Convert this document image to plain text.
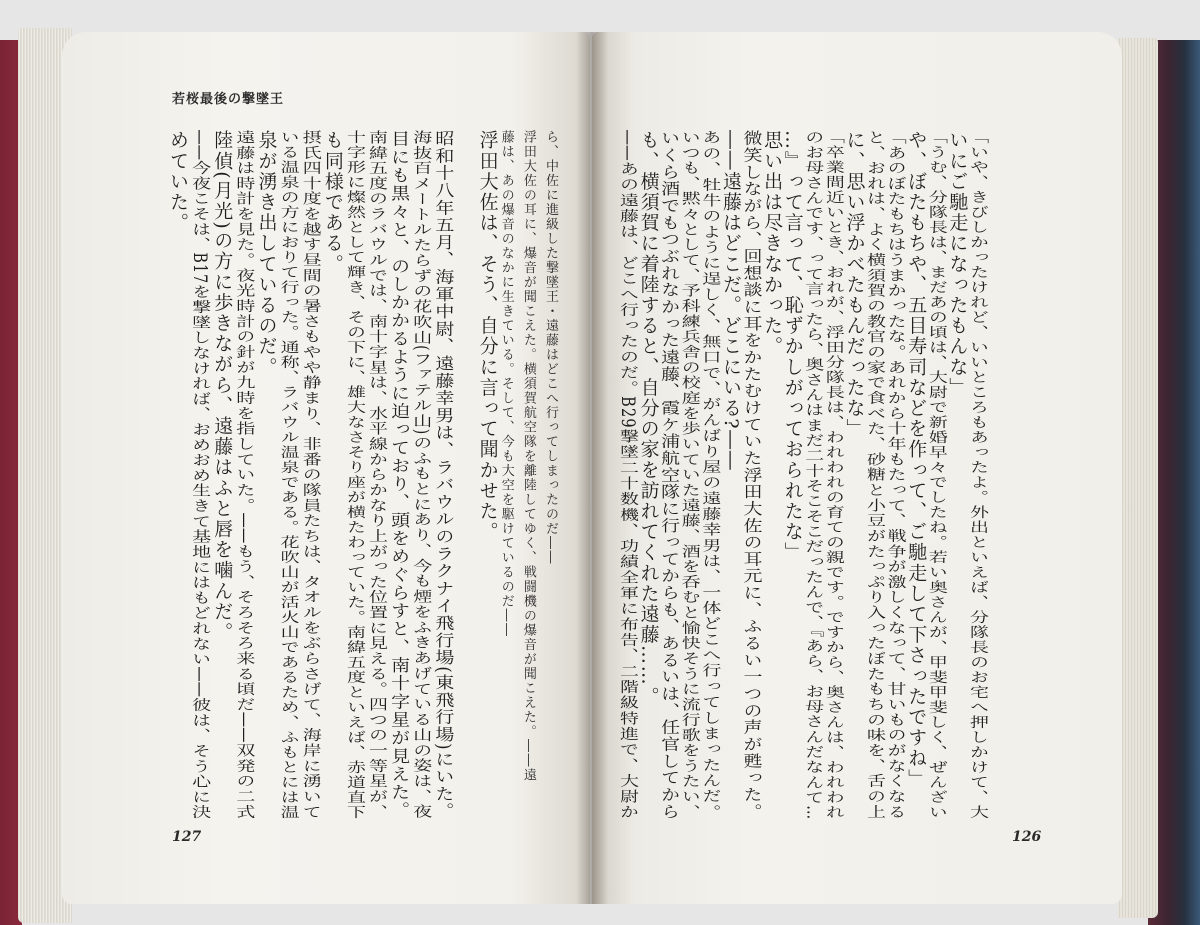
若桜最後の撃墜王
127	126
「いや、きびしかったけれど、いいところもあったよ。外出といえば、分隊長のお宅へ押しかけて、大
いにご馳走になったもんな」
「うむ、分隊長は、まだあの頃は、大尉で新婚早々でしたね。若い奥さんが、甲斐甲斐しく、ぜんざい
や、ぼたもちや、五目寿司などを作って、ご馳走して下さったですね」
「あのぼたもちはうまかったな。あれから十年もたって、戦争が激しくなって、甘いものがなくなる
と、おれは、よく横須賀の教官の家で食べた、砂糖と小豆がたっぷり入ったぼたもちの味を、舌の上
に、思い浮かべたもんだったな」
「卒業間近いとき、おれが、浮田分隊長は、われわれの育ての親です。ですから、奥さんは、われわれ
のお母さんです、って言ったら、奥さんはまだ二十そこそこだったんで、『あら、お母さんだなんて…
…』って言って、恥ずかしがっておられたな」
思い出は尽きなかった。
微笑しながら、回想談に耳をかたむけていた浮田大佐の耳元に、ふるい一つの声が甦った。
――遠藤はどこだ。どこにいる?――
あの、牡牛のように逞しく、無口で、がんばり屋の遠藤幸男は、一体どこへ行ってしまったんだ。
いつも、黙々として、予科練兵舎の校庭を歩いていた遠藤、酒を呑むと愉快そうに流行歌をうたい、
いくら酒でもつぶれなかった遠藤、霞ケ浦航空隊に行ってからも、あるいは、任官してから
も、横須賀に着陸すると、自分の家を訪れてくれた遠藤……。
――あの遠藤は、どこへ行ったのだ。B29撃墜二十数機、功績全軍に布告、二階級特進で、大尉か
ら、中佐に進級した撃墜王・遠藤はどこへ行ってしまったのだ――
浮田大佐の耳に、爆音が聞こえた。横須賀航空隊を離陸してゆく、戦闘機の爆音が聞こえた。――遠
藤は、あの爆音のなかに生きている。そして、今も大空を駆けているのだ――
浮田大佐は、そう、自分に言って聞かせた。
昭和十八年五月、海軍中尉、遠藤幸男は、ラバウルのラクナイ飛行場(東飛行場)にいた。
海抜百メートルたらずの花吹山(ファテル山)のふもとにあり、今も煙をふきあげている山の姿は、夜
目にも黒々と、のしかかるように迫っており、頭をめぐらすと、南十字星が見えた。
南緯五度のラバウルでは、南十字星は、水平線からかなり上がった位置に見える。四つの一等星が、
十字形に燦然として輝き、その下に、雄大なさそり座が横たわっていた。南緯五度といえば、赤道直下
も同様である。
摂氏四十度を越す昼間の暑さもやや静まり、非番の隊員たちは、タオルをぶらさげて、海岸に湧いて
いる温泉の方におりて行った。通称、ラバウル温泉である。花吹山が活火山であるため、ふもとには温
泉が湧き出しているのだ。
遠藤は時計を見た。夜光時計の針が九時を指していた。――もう、そろそろ来る頃だ――双発の二式
陸偵(月光)の方に歩きながら、遠藤はふと唇を噛んだ。
――今夜こそは、B17を撃墜しなければ、おめおめ生きて基地にはもどれない――彼は、そう心に決
めていた。
